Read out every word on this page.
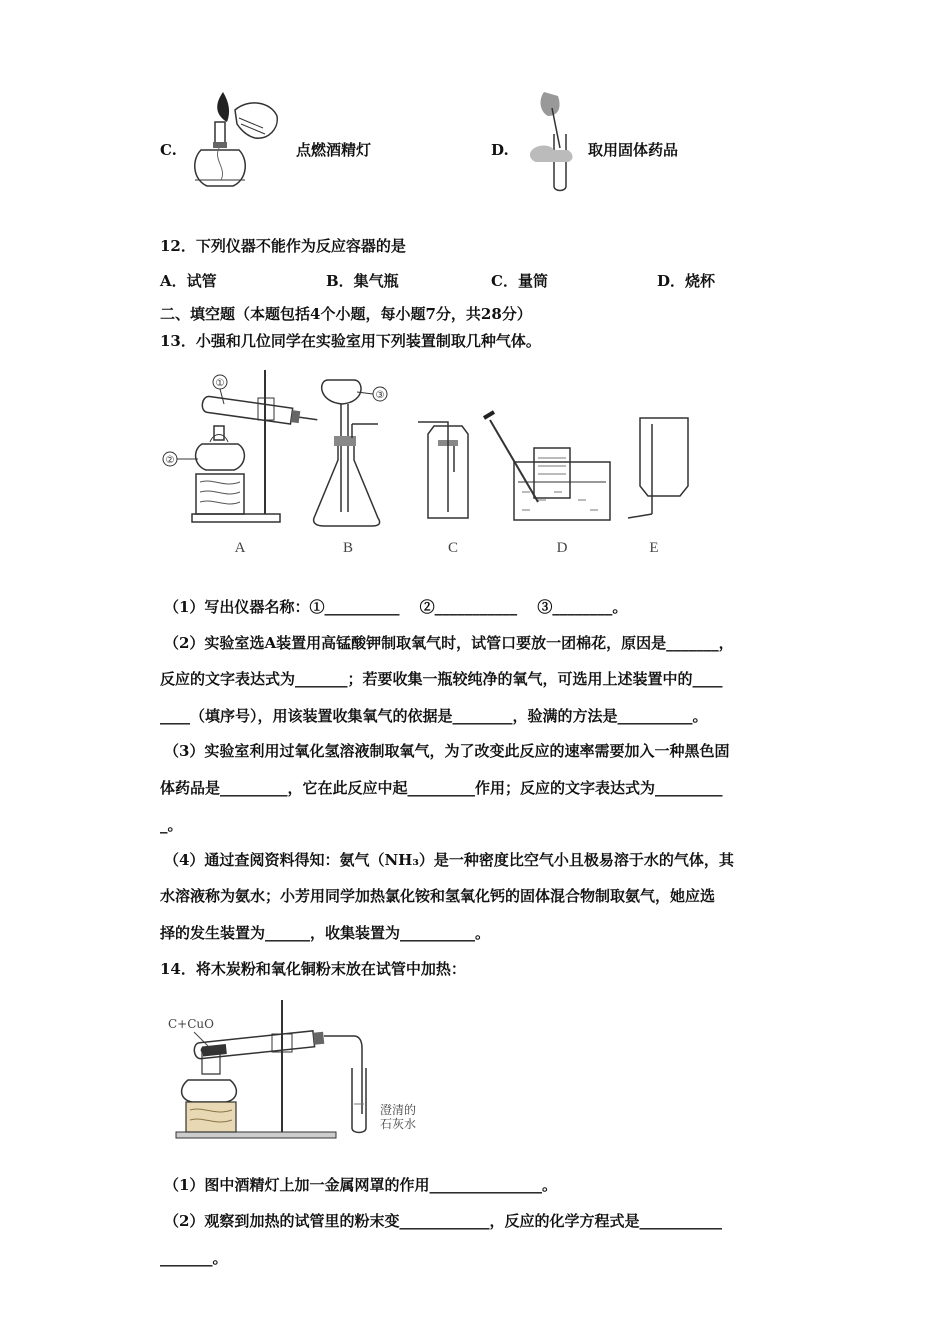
C.	点燃酒精灯	D.	取用固体药品
12．下列仪器不能作为反应容器的是
A．试管	B．集气瓶	C．量筒	D．烧杯
二、填空题（本题包括4个小题，每小题7分，共28分）
13．小强和几位同学在实验室用下列装置制取几种气体。
①
②
③
A	B	C	D	E
（1）写出仪器名称：①__________　 ②___________　 ③________。
（2）实验室选A装置用高锰酸钾制取氧气时，试管口要放一团棉花，原因是_______，
反应的文字表达式为_______；若要收集一瓶较纯净的氧气，可选用上述装置中的____
____（填序号），用该装置收集氧气的依据是________，验满的方法是__________。
（3）实验室利用过氧化氢溶液制取氧气，为了改变此反应的速率需要加入一种黑色固
体药品是_________，它在此反应中起_________作用；反应的文字表达式为_________
_。
（4）通过查阅资料得知：氨气（NH₃）是一种密度比空气小且极易溶于水的气体，其
水溶液称为氨水；小芳用同学加热氯化铵和氢氧化钙的固体混合物制取氨气，她应选
择的发生装置为______，收集装置为__________。
14．将木炭粉和氧化铜粉末放在试管中加热：
C+CuO
澄清的
石灰水
（1）图中酒精灯上加一金属网罩的作用_______________。
（2）观察到加热的试管里的粉末变____________，反应的化学方程式是___________
_______。
